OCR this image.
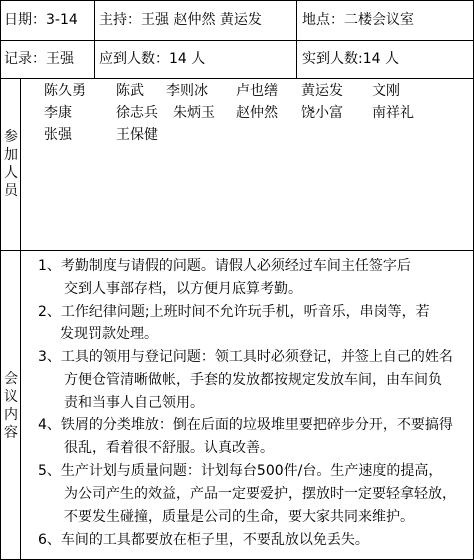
日期：3-14 主持：王强 赵仲然 黄运发	地点：二楼会议室
记录：王强 应到人数：14 人	实到人数:14 人
参
加
人
员
陈久勇 陈武 李则冰 卢也缮 黄运发 文刚
李康	徐志兵 朱炳玉 赵仲然 饶小富 南祥礼
张强	王保健
会
议
内
容
1、考勤制度与请假的问题。请假人必须经过车间主任签字后
交到人事部存档，以方便月底算考勤。
2、工作纪律问题;上班时间不允许玩手机，听音乐，串岗等，若
发现罚款处理。
3、工具的领用与登记问题：领工具时必须登记，并签上自己的姓名
方便仓管清晰做帐，手套的发放都按规定发放车间，由车间负
责和当事人自己领用。
4、铁屑的分类堆放：倒在后面的垃圾堆里要把碎步分开，不要搞得
很乱，看着很不舒服。认真改善。
5、生产计划与质量问题：计划每台500件/台。生产速度的提高，
为公司产生的效益，产品一定要爱护，摆放时一定要轻拿轻放，
不要发生碰撞，质量是公司的生命，要大家共同来维护。
6、车间的工具都要放在柜子里，不要乱放以免丢失。
